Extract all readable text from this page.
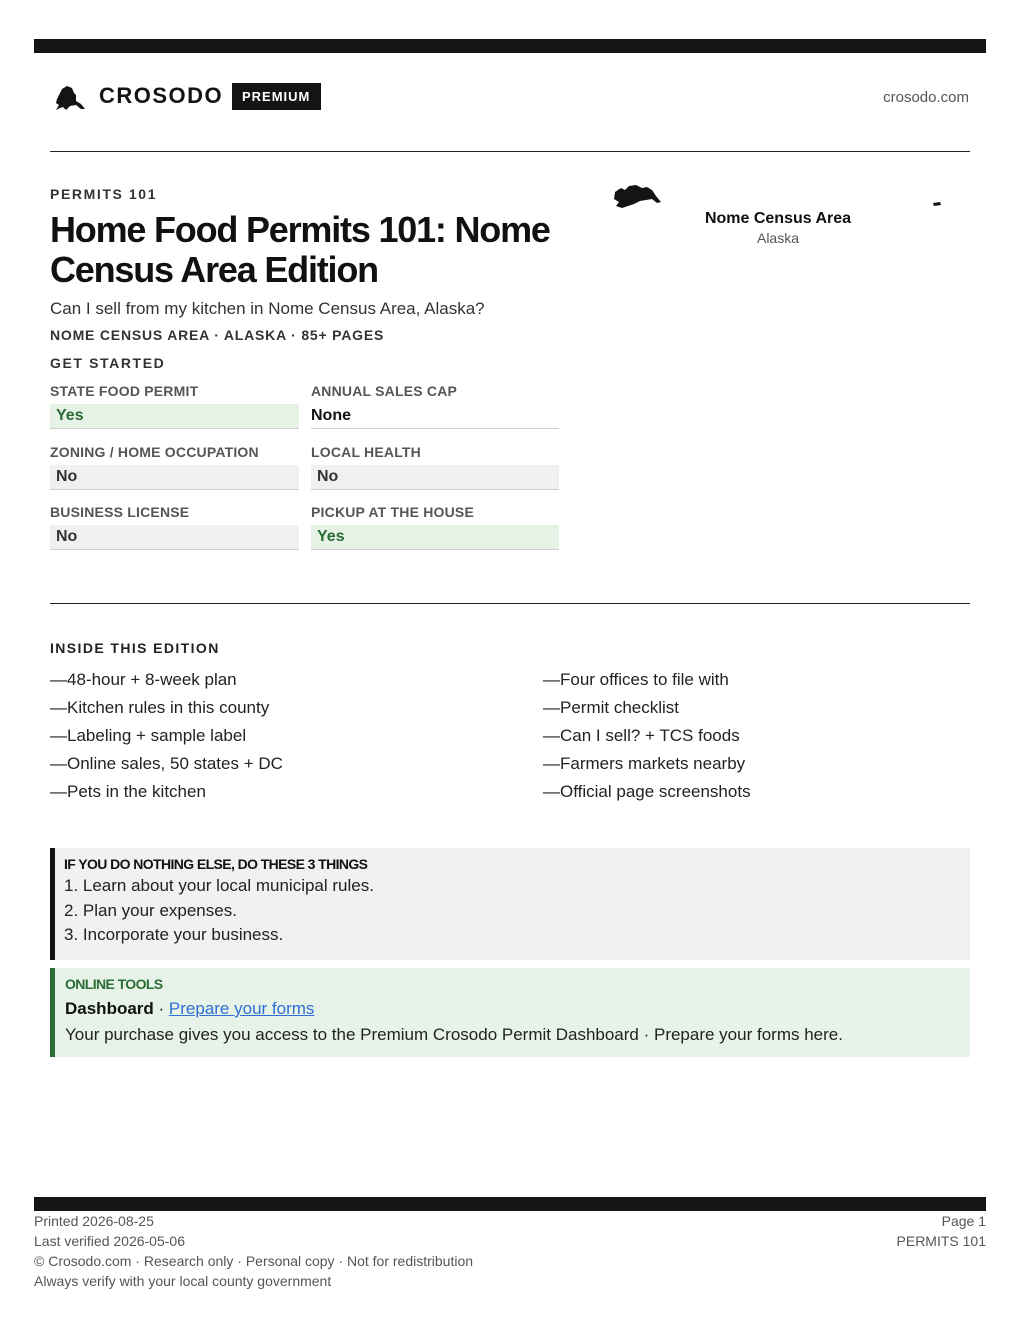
CROSODO	PREMIUM	crosodo.com
PERMITS 101
Home Food Permits 101: Nome Census Area Edition
Can I sell from my kitchen in Nome Census Area, Alaska?
NOME CENSUS AREA · ALASKA · 85+ PAGES
Nome Census Area
Alaska
GET STARTED
STATE FOOD PERMIT
Yes
ANNUAL SALES CAP
None
ZONING / HOME OCCUPATION
No
LOCAL HEALTH
No
BUSINESS LICENSE
No
PICKUP AT THE HOUSE
Yes
INSIDE THIS EDITION
—48-hour + 8-week plan
—Kitchen rules in this county
—Labeling + sample label
—Online sales, 50 states + DC
—Pets in the kitchen
—Four offices to file with
—Permit checklist
—Can I sell? + TCS foods
—Farmers markets nearby
—Official page screenshots
IF YOU DO NOTHING ELSE, DO THESE 3 THINGS
1. Learn about your local municipal rules.
2. Plan your expenses.
3. Incorporate your business.
ONLINE TOOLS
Dashboard · Prepare your forms
Your purchase gives you access to the Premium Crosodo Permit Dashboard · Prepare your forms here.
Printed 2026-08-25
Last verified 2026-05-06
© Crosodo.com · Research only · Personal copy · Not for redistribution
Always verify with your local county government
Page 1
PERMITS 101
